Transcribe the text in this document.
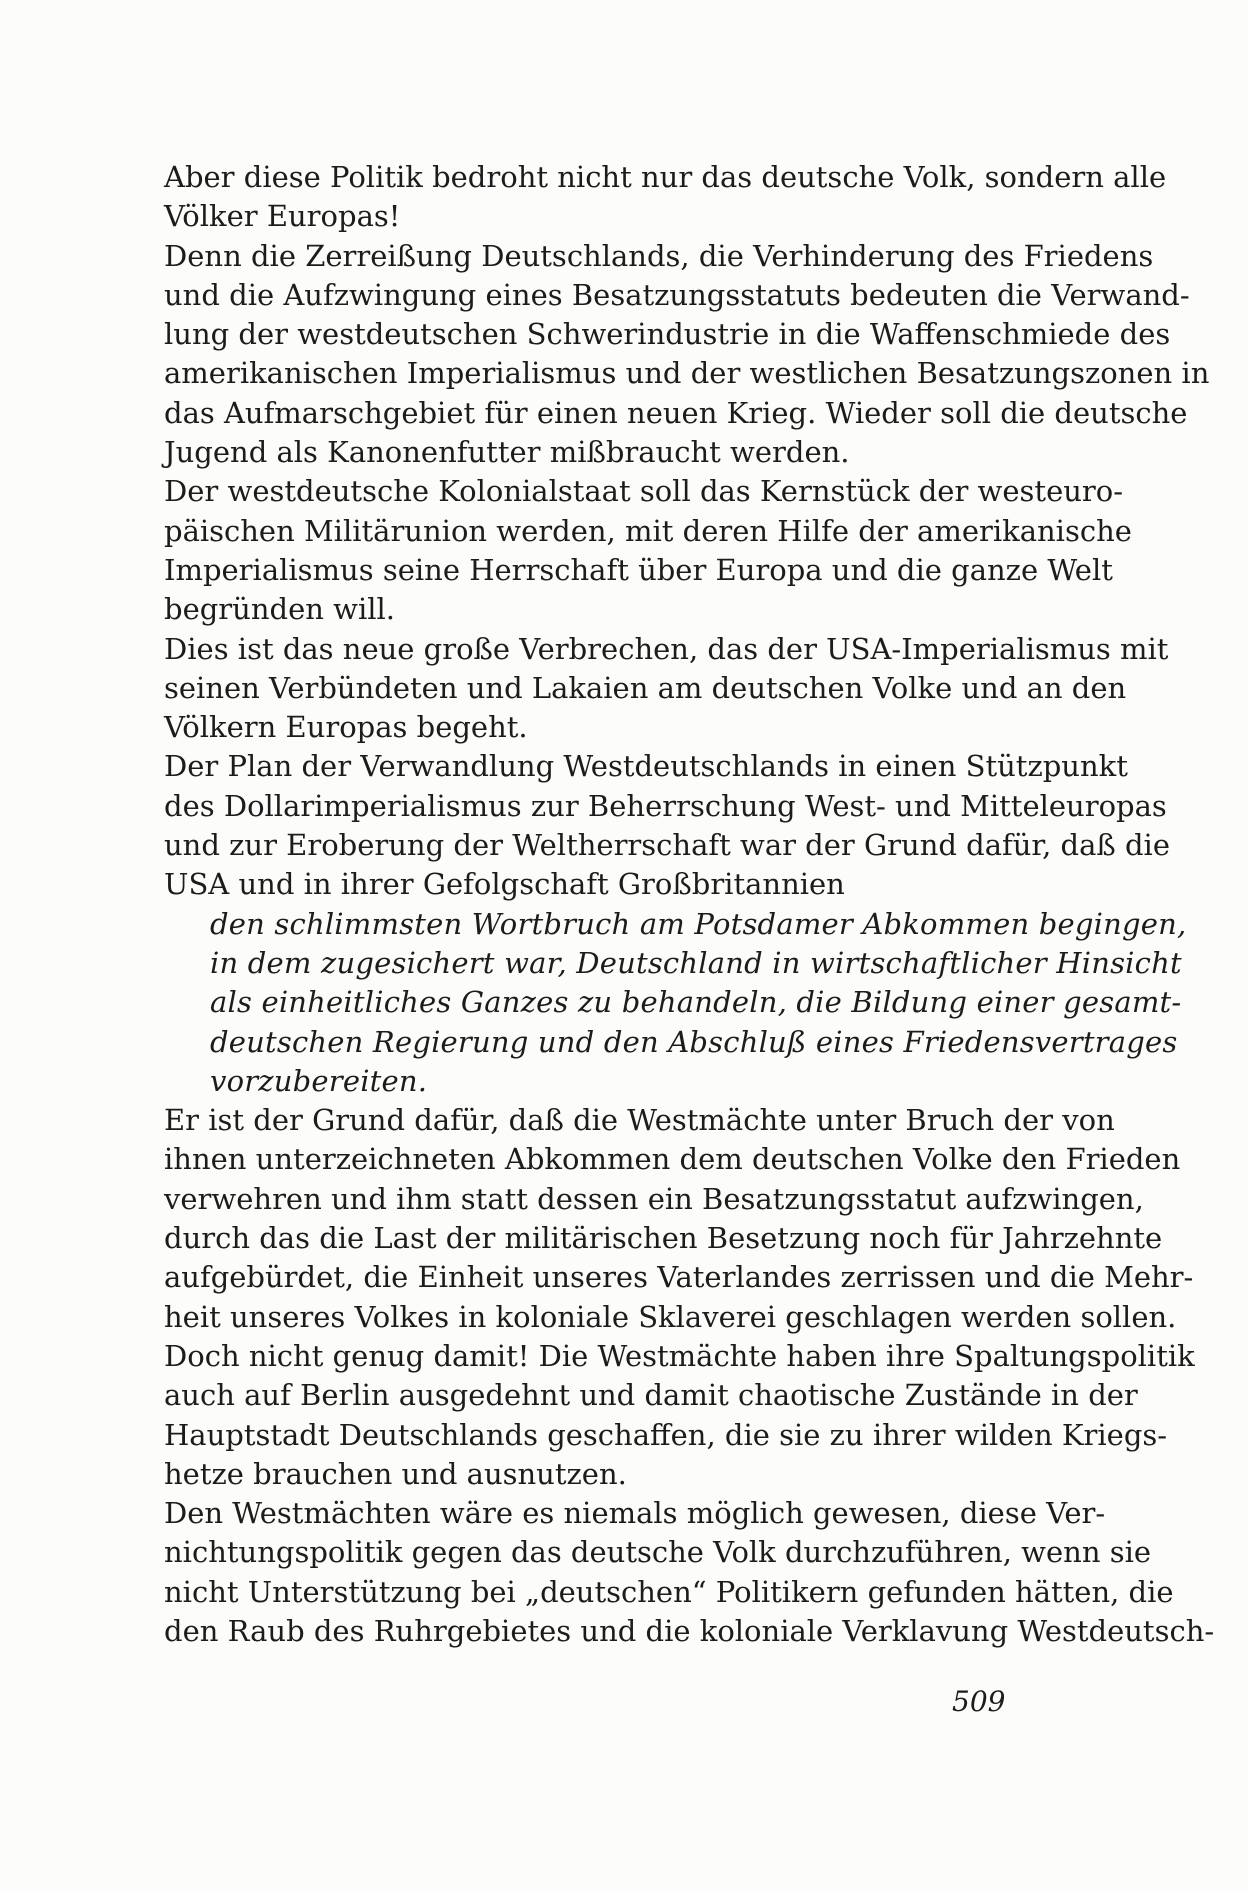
Aber diese Politik bedroht nicht nur das deutsche Volk, sondern alle
Völker Europas!
Denn die Zerreißung Deutschlands, die Verhinderung des Friedens
und die Aufzwingung eines Besatzungsstatuts bedeuten die Verwand-
lung der westdeutschen Schwerindustrie in die Waffenschmiede des
amerikanischen Imperialismus und der westlichen Besatzungszonen in
das Aufmarschgebiet für einen neuen Krieg. Wieder soll die deutsche
Jugend als Kanonenfutter mißbraucht werden.
Der westdeutsche Kolonialstaat soll das Kernstück der westeuro-
päischen Militärunion werden, mit deren Hilfe der amerikanische
Imperialismus seine Herrschaft über Europa und die ganze Welt
begründen will.
Dies ist das neue große Verbrechen, das der USA-Imperialismus mit
seinen Verbündeten und Lakaien am deutschen Volke und an den
Völkern Europas begeht.
Der Plan der Verwandlung Westdeutschlands in einen Stützpunkt
des Dollarimperialismus zur Beherrschung West- und Mitteleuropas
und zur Eroberung der Weltherrschaft war der Grund dafür, daß die
USA und in ihrer Gefolgschaft Großbritannien
den schlimmsten Wortbruch am Potsdamer Abkommen begingen,
in dem zugesichert war, Deutschland in wirtschaftlicher Hinsicht
als einheitliches Ganzes zu behandeln, die Bildung einer gesamt-
deutschen Regierung und den Abschluß eines Friedensvertrages
vorzubereiten.
Er ist der Grund dafür, daß die Westmächte unter Bruch der von
ihnen unterzeichneten Abkommen dem deutschen Volke den Frieden
verwehren und ihm statt dessen ein Besatzungsstatut aufzwingen,
durch das die Last der militärischen Besetzung noch für Jahrzehnte
aufgebürdet, die Einheit unseres Vaterlandes zerrissen und die Mehr-
heit unseres Volkes in koloniale Sklaverei geschlagen werden sollen.
Doch nicht genug damit! Die Westmächte haben ihre Spaltungspolitik
auch auf Berlin ausgedehnt und damit chaotische Zustände in der
Hauptstadt Deutschlands geschaffen, die sie zu ihrer wilden Kriegs-
hetze brauchen und ausnutzen.
Den Westmächten wäre es niemals möglich gewesen, diese Ver-
nichtungspolitik gegen das deutsche Volk durchzuführen, wenn sie
nicht Unterstützung bei „deutschen“ Politikern gefunden hätten, die
den Raub des Ruhrgebietes und die koloniale Verklavung Westdeutsch-
509
